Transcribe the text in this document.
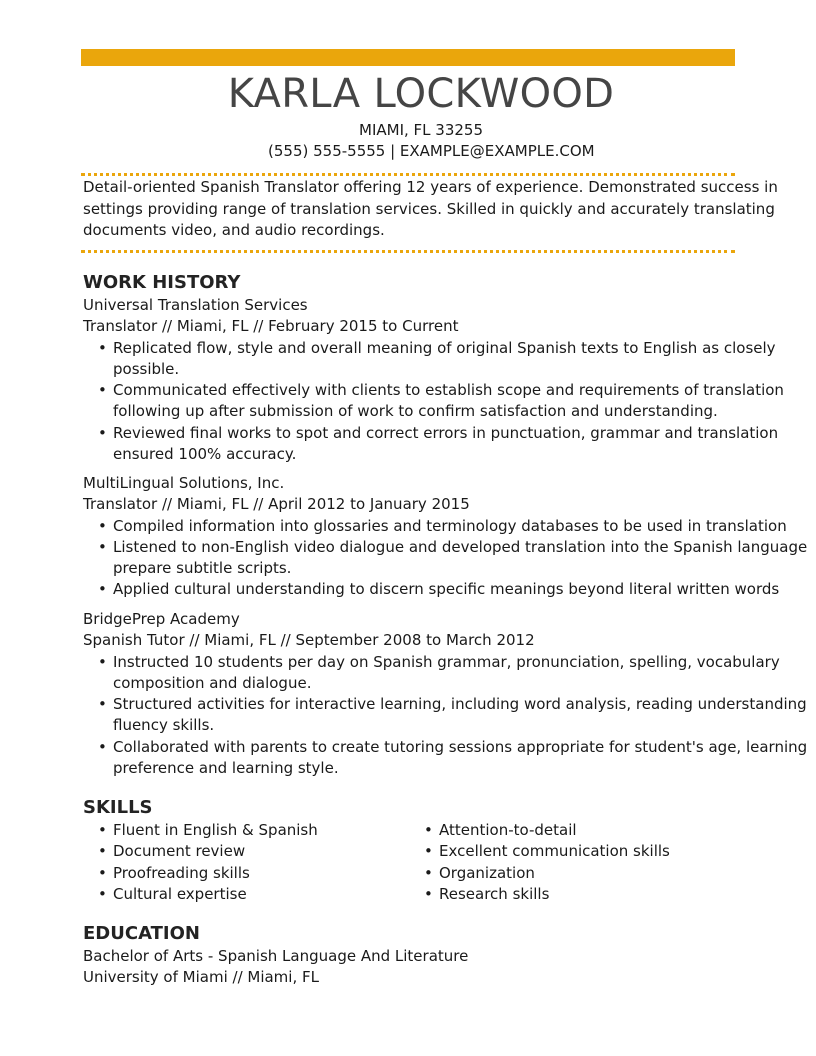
KARLA LOCKWOOD
MIAMI, FL 33255
(555) 555-5555 | EXAMPLE@EXAMPLE.COM
Detail-oriented Spanish Translator offering 12 years of experience. Demonstrated success in
settings providing range of translation services. Skilled in quickly and accurately translating
documents video, and audio recordings.
WORK HISTORY
Universal Translation Services
Translator // Miami, FL // February 2015 to Current
• Replicated flow, style and overall meaning of original Spanish texts to English as closely
possible.
• Communicated effectively with clients to establish scope and requirements of translation
following up after submission of work to confirm satisfaction and understanding.
• Reviewed final works to spot and correct errors in punctuation, grammar and translation
ensured 100% accuracy.
MultiLingual Solutions, Inc.
Translator // Miami, FL // April 2012 to January 2015
• Compiled information into glossaries and terminology databases to be used in translation
• Listened to non-English video dialogue and developed translation into the Spanish language
prepare subtitle scripts.
• Applied cultural understanding to discern specific meanings beyond literal written words
BridgePrep Academy
Spanish Tutor // Miami, FL // September 2008 to March 2012
• Instructed 10 students per day on Spanish grammar, pronunciation, spelling, vocabulary
composition and dialogue.
• Structured activities for interactive learning, including word analysis, reading understanding
fluency skills.
• Collaborated with parents to create tutoring sessions appropriate for student's age, learning
preference and learning style.
SKILLS
• Fluent in English & Spanish
• Document review
• Proofreading skills
• Cultural expertise
• Attention-to-detail
• Excellent communication skills
• Organization
• Research skills
EDUCATION
Bachelor of Arts - Spanish Language And Literature
University of Miami // Miami, FL
